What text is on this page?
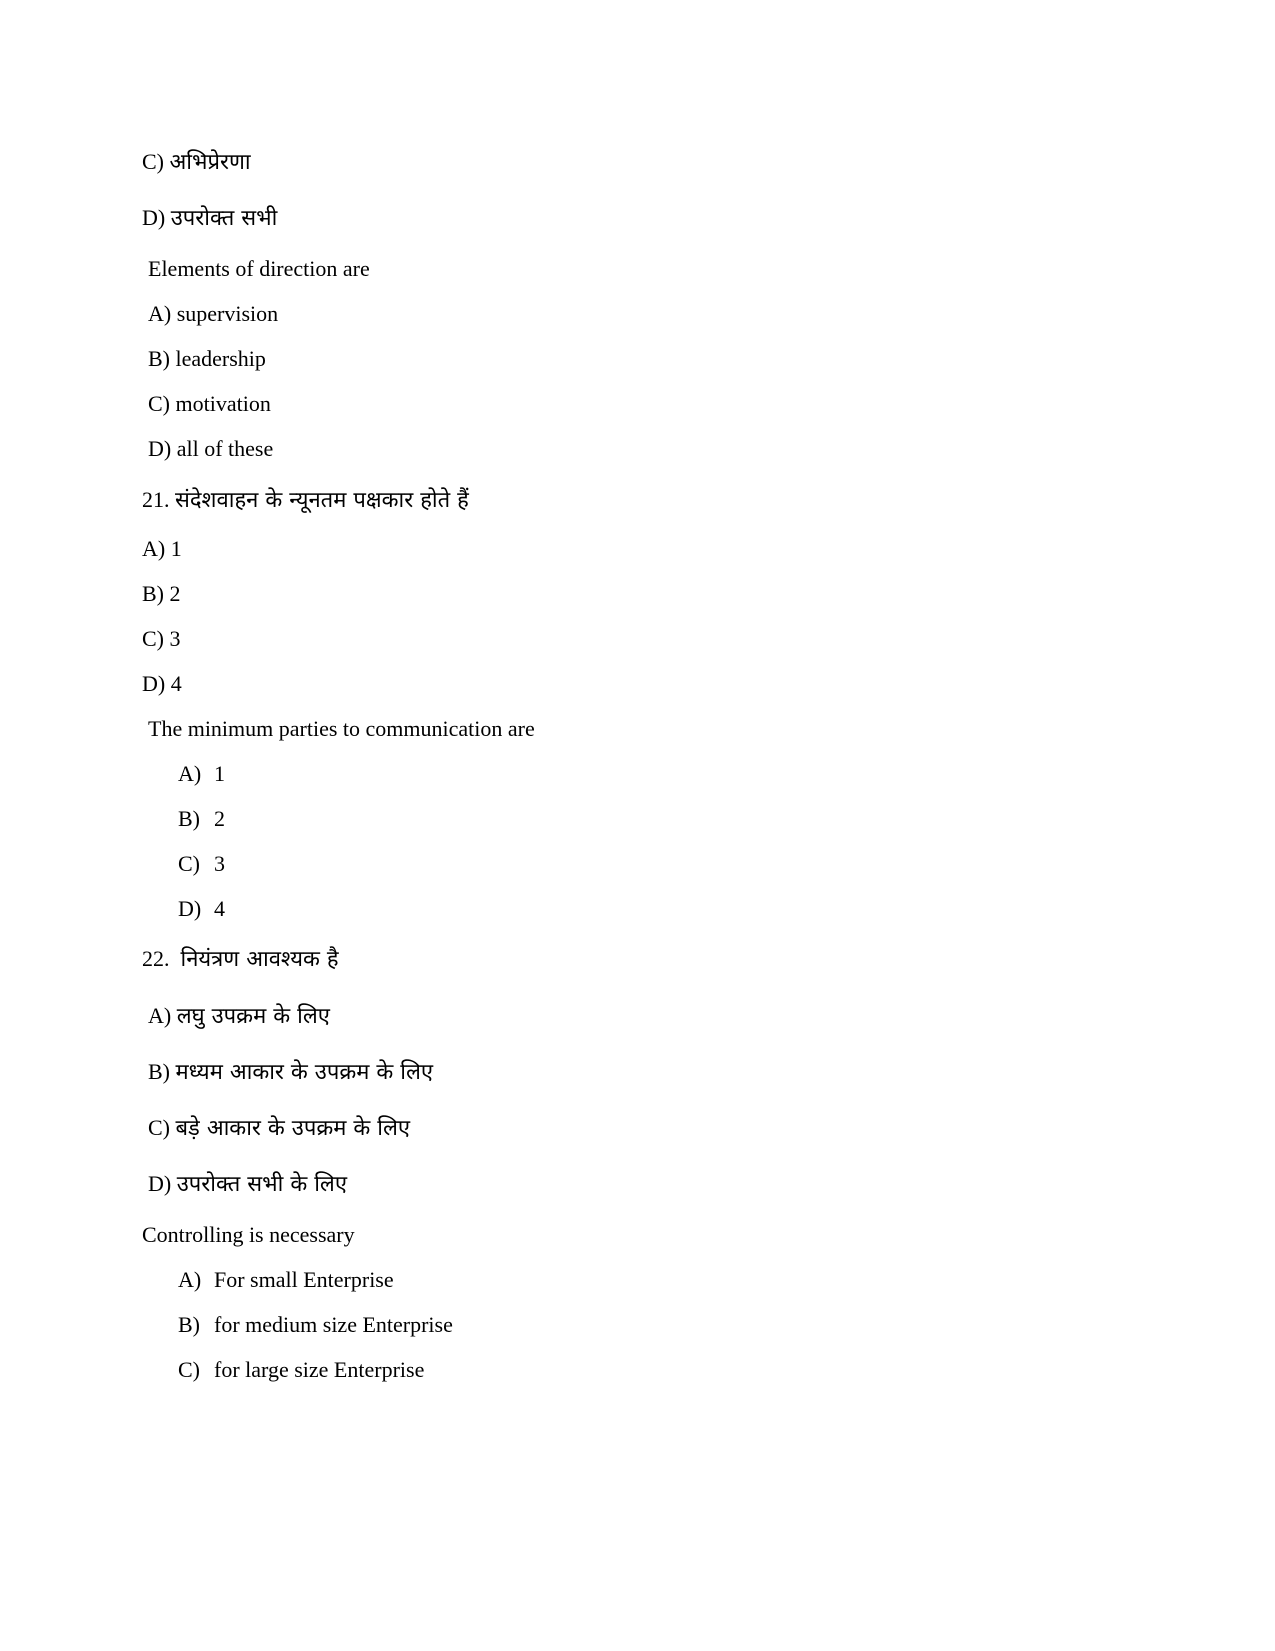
C) अभिप्रेरणा
D) उपरोक्त सभी
Elements of direction are
A) supervision
B) leadership
C) motivation
D) all of these
21. संदेशवाहन के न्यूनतम पक्षकार होते हैं
A) 1
B) 2
C) 3
D) 4
The minimum parties to communication are
A) 1
B) 2
C) 3
D) 4
22. नियंत्रण आवश्यक है
A) लघु उपक्रम के लिए
B) मध्यम आकार के उपक्रम के लिए
C) बड़े आकार के उपक्रम के लिए
D) उपरोक्त सभी के लिए
Controlling is necessary
A) For small Enterprise
B) for medium size Enterprise
C) for large size Enterprise
